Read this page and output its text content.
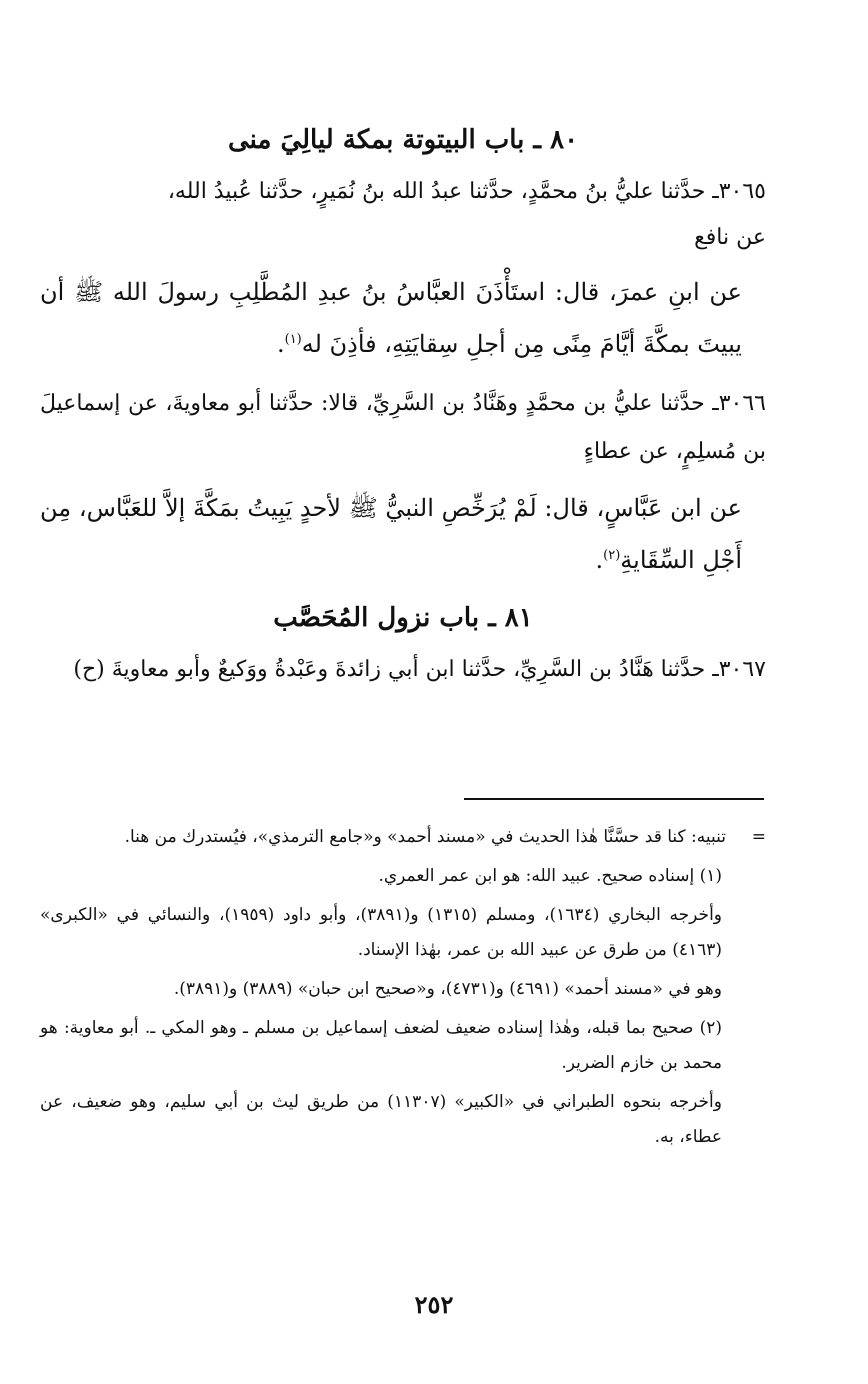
٨٠ ـ باب البيتوتة بمكة ليالِيَ منى
٣٠٦٥ـ حدَّثنا عليُّ بنُ محمَّدٍ، حدَّثنا عبدُ الله بنُ نُمَيرٍ، حدَّثنا عُبيدُ الله،
عن نافع
عن ابنِ عمرَ، قال: استَأْذَنَ العبَّاسُ بنُ عبدِ المُطَّلِبِ رسولَ الله ﷺ أن يبيتَ بمكَّةَ أيَّامَ مِنًى مِن أجلِ سِقايَتِهِ، فأذِنَ له$^{(١)}$.
٣٠٦٦ـ حدَّثنا عليُّ بن محمَّدٍ وهَنَّادُ بن السَّرِيِّ، قالا: حدَّثنا أبو معاويةَ، عن إسماعيلَ بن مُسلِمٍ، عن عطاءٍ
عن ابن عَبَّاسٍ، قال: لَمْ يُرَخِّصِ النبيُّ ﷺ لأحدٍ يَبِيتُ بمَكَّةَ إلاَّ للعَبَّاس، مِن أَجْلِ السِّقَايةِ$^{(٢)}$.
٨١ ـ باب نزول المُحَصَّب
٣٠٦٧ـ حدَّثنا هَنَّادُ بن السَّرِيِّ، حدَّثنا ابن أبي زائدةَ وعَبْدةُ ووَكيعٌ وأبو معاويةَ (ح)

=تنبيه: كنا قد حسَّنَّا هٰذا الحديث في «مسند أحمد» و«جامع الترمذي»، فيُستدرك من هنا.

(١) إسناده صحيح. عبيد الله: هو ابن عمر العمري.

وأخرجه البخاري (١٦٣٤)، ومسلم (١٣١٥) و(٣٨٩١)، وأبو داود (١٩٥٩)، والنسائي في «الكبرى» (٤١٦٣) من طرق عن عبيد الله بن عمر، بهٰذا الإسناد.

وهو في «مسند أحمد» (٤٦٩١) و(٤٧٣١)، و«صحيح ابن حبان» (٣٨٨٩) و(٣٨٩١).

(٢) صحيح بما قبله، وهٰذا إسناده ضعيف لضعف إسماعيل بن مسلم ـ وهو المكي ـ. أبو معاوية: هو محمد بن خازم الضرير.

وأخرجه بنحوه الطبراني في «الكبير» (١١٣٠٧) من طريق ليث بن أبي سليم، وهو ضعيف، عن عطاء، به.

٢٥٢
